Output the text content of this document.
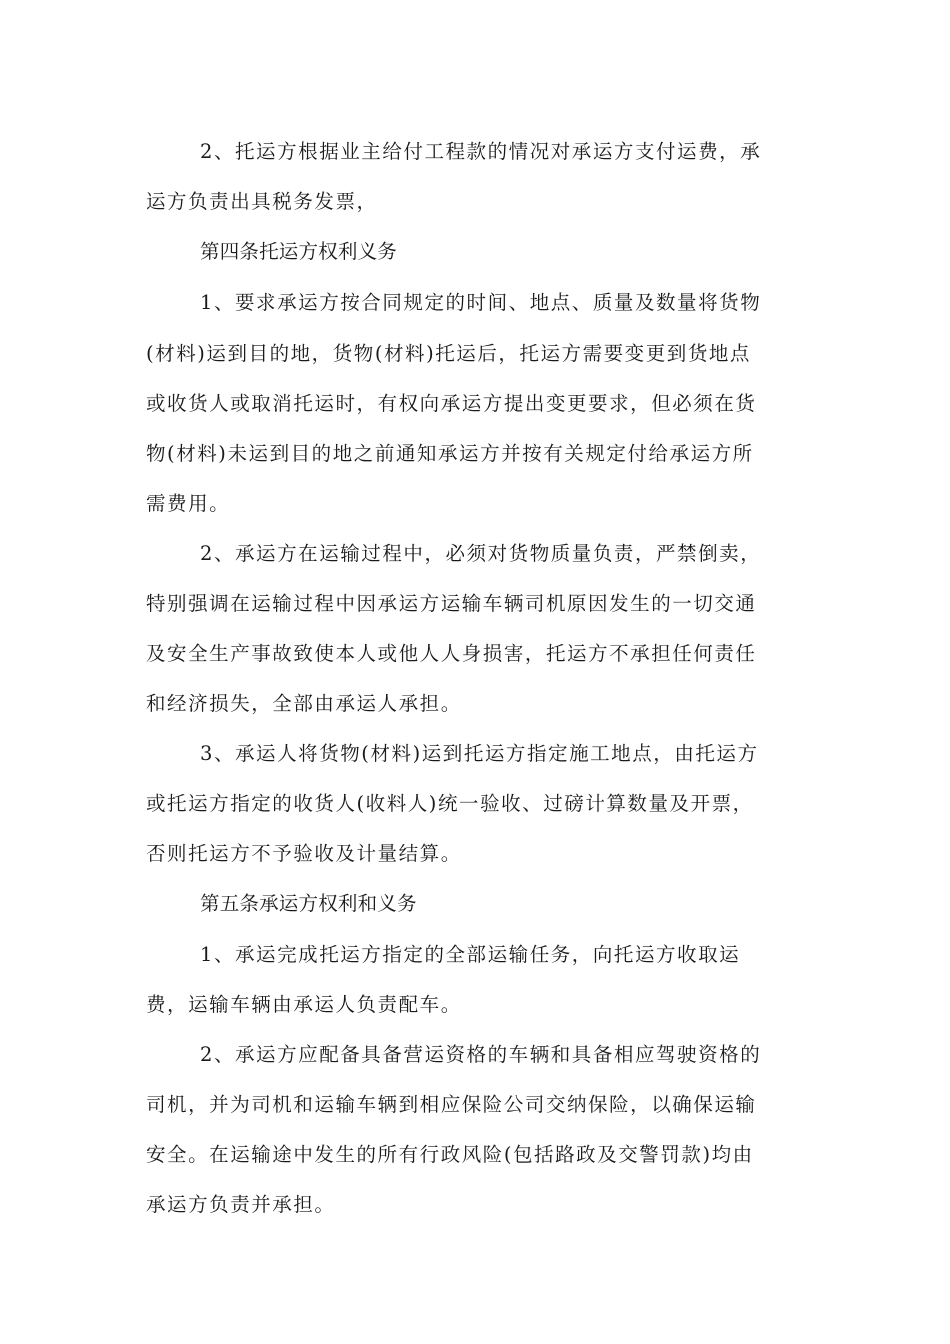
2、托运方根据业主给付工程款的情况对承运方支付运费，承
运方负责出具税务发票，
第四条托运方权利义务
1、要求承运方按合同规定的时间、地点、质量及数量将货物
(材料)运到目的地，货物(材料)托运后，托运方需要变更到货地点
或收货人或取消托运时，有权向承运方提出变更要求，但必须在货
物(材料)未运到目的地之前通知承运方并按有关规定付给承运方所
需费用。
2、承运方在运输过程中，必须对货物质量负责，严禁倒卖，
特别强调在运输过程中因承运方运输车辆司机原因发生的一切交通
及安全生产事故致使本人或他人人身损害，托运方不承担任何责任
和经济损失，全部由承运人承担。
3、承运人将货物(材料)运到托运方指定施工地点，由托运方
或托运方指定的收货人(收料人)统一验收、过磅计算数量及开票，
否则托运方不予验收及计量结算。
第五条承运方权利和义务
1、承运完成托运方指定的全部运输任务，向托运方收取运
费，运输车辆由承运人负责配车。
2、承运方应配备具备营运资格的车辆和具备相应驾驶资格的
司机，并为司机和运输车辆到相应保险公司交纳保险，以确保运输
安全。在运输途中发生的所有行政风险(包括路政及交警罚款)均由
承运方负责并承担。
